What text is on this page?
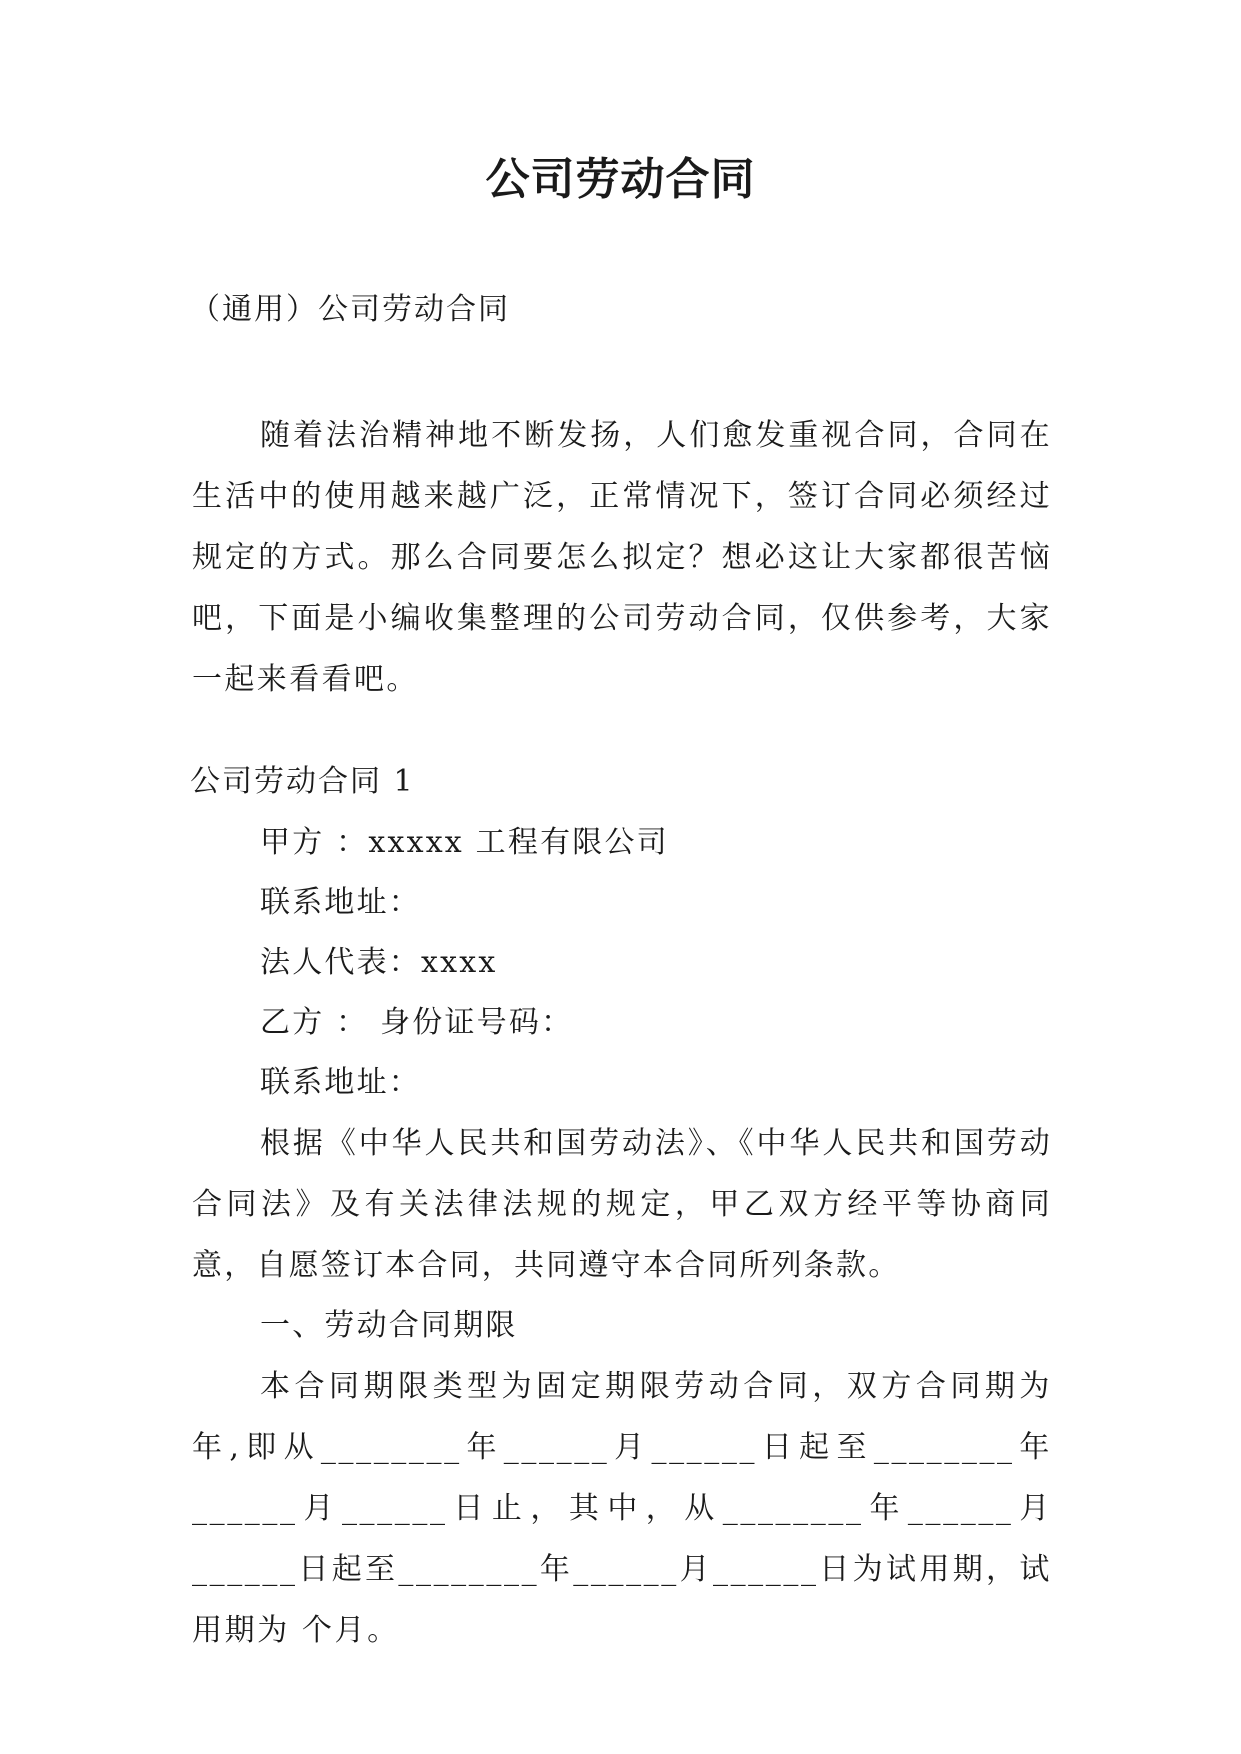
公司劳动合同
（通用）公司劳动合同

随着法治精神地不断发扬，人们愈发重视合同，合同在生活中的使用越来越广泛，正常情况下，签订合同必须经过规定的方式。那么合同要怎么拟定？想必这让大家都很苦恼吧，下面是小编收集整理的公司劳动合同，仅供参考，大家一起来看看吧。

公司劳动合同 1
甲方 ：xxxxx 工程有限公司
联系地址：
法人代表：xxxx
乙方 ： 身份证号码：
联系地址：

根据《中华人民共和国劳动法》、《中华人民共和国劳动合同法》及有关法律法规的规定，甲乙双方经平等协商同意，自愿签订本合同，共同遵守本合同所列条款。

一、劳动合同期限

本合同期限类型为固定期限劳动合同，双方合同期为年,即从________年______月______日起至________年______月______日止，其中，从________年______月______日起至________年______月______日为试用期，试用期为 个月。
